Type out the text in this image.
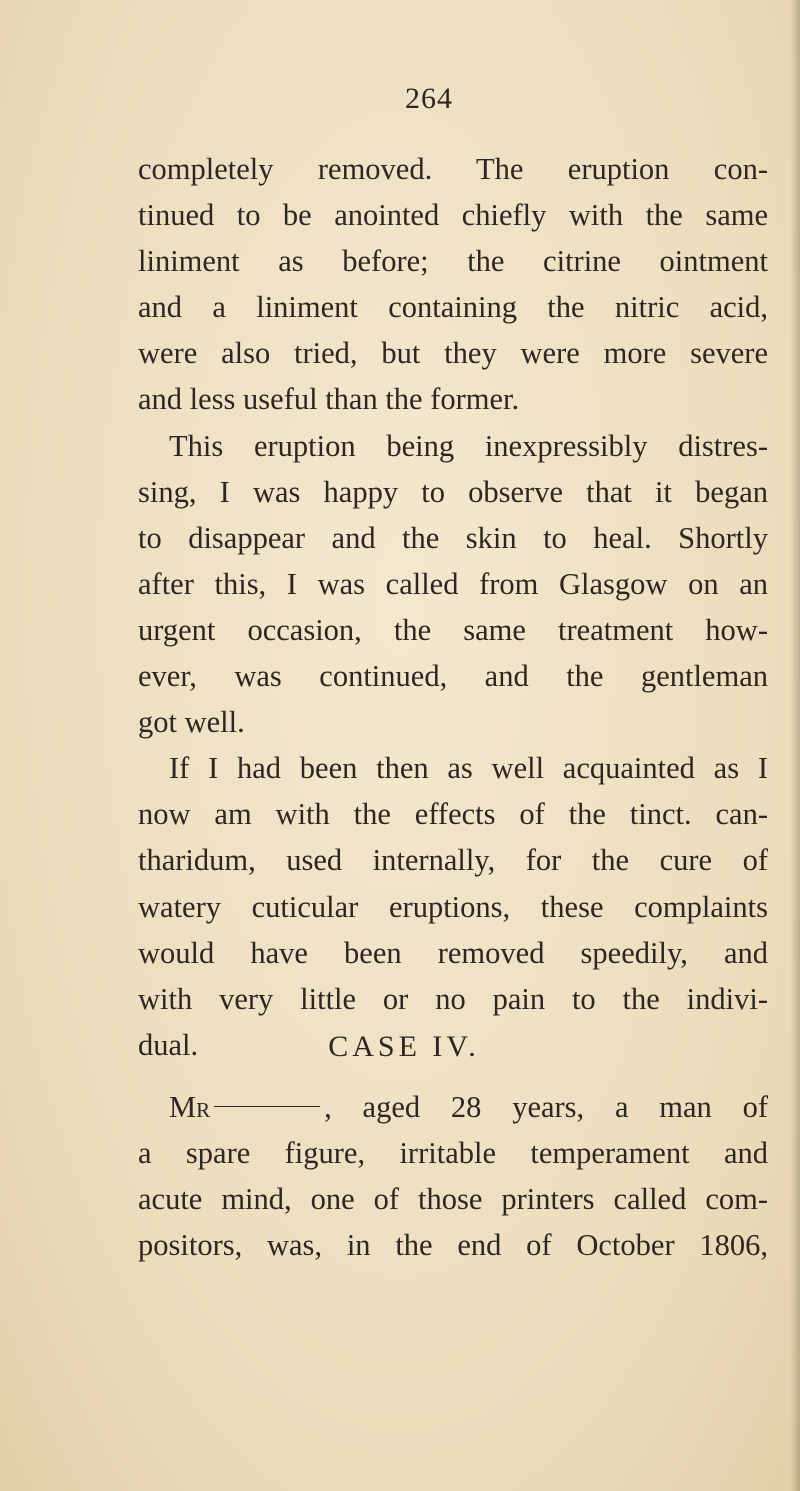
264
completely removed. The eruption con-
tinued to be anointed chiefly with the same
liniment as before; the citrine ointment
and a liniment containing the nitric acid,
were also tried, but they were more severe
and less useful than the former.
This eruption being inexpressibly distres-
sing, I was happy to observe that it began
to disappear and the skin to heal. Shortly
after this, I was called from Glasgow on an
urgent occasion, the same treatment how-
ever, was continued, and the gentleman
got well.
If I had been then as well acquainted as I
now am with the effects of the tinct. can-
tharidum, used internally, for the cure of
watery cuticular eruptions, these complaints
would have been removed speedily, and
with very little or no pain to the indivi-
dual.	CASE IV.
Mr	, aged 28 years, a man of
a spare figure, irritable temperament and
acute mind, one of those printers called com-
positors, was, in the end of October 1806,
